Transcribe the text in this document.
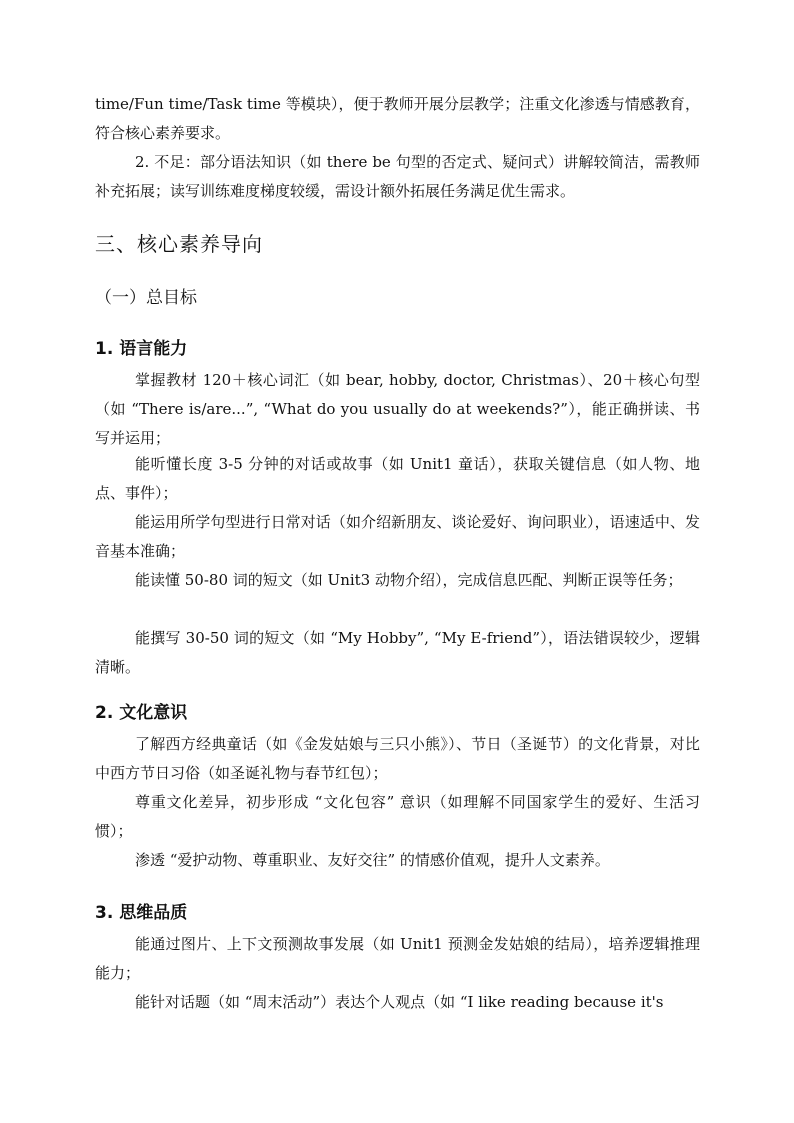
time/Fun time/Task time 等模块），便于教师开展分层教学；注重文化渗透与情感教育，符合核心素养要求。

2. 不足：部分语法知识（如 there be 句型的否定式、疑问式）讲解较简洁，需教师补充拓展；读写训练难度梯度较缓，需设计额外拓展任务满足优生需求。

三、核心素养导向
（一）总目标
1. 语言能力

掌握教材 120＋核心词汇（如 bear, hobby, doctor, Christmas）、20＋核心句型（如 “There is/are...”, “What do you usually do at weekends?”），能正确拼读、书写并运用；

能听懂长度 3-5 分钟的对话或故事（如 Unit1 童话），获取关键信息（如人物、地点、事件）；

能运用所学句型进行日常对话（如介绍新朋友、谈论爱好、询问职业），语速适中、发音基本准确；

能读懂 50-80 词的短文（如 Unit3 动物介绍），完成信息匹配、判断正误等任务；

能撰写 30-50 词的短文（如 “My Hobby”, “My E-friend”），语法错误较少，逻辑清晰。

2. 文化意识

了解西方经典童话（如《金发姑娘与三只小熊》）、节日（圣诞节）的文化背景，对比中西方节日习俗（如圣诞礼物与春节红包）；

尊重文化差异，初步形成 “文化包容” 意识（如理解不同国家学生的爱好、生活习惯）；

渗透 “爱护动物、尊重职业、友好交往” 的情感价值观，提升人文素养。

3. 思维品质

能通过图片、上下文预测故事发展（如 Unit1 预测金发姑娘的结局），培养逻辑推理能力；

能针对话题（如 “周末活动”）表达个人观点（如 “I like reading because it's
